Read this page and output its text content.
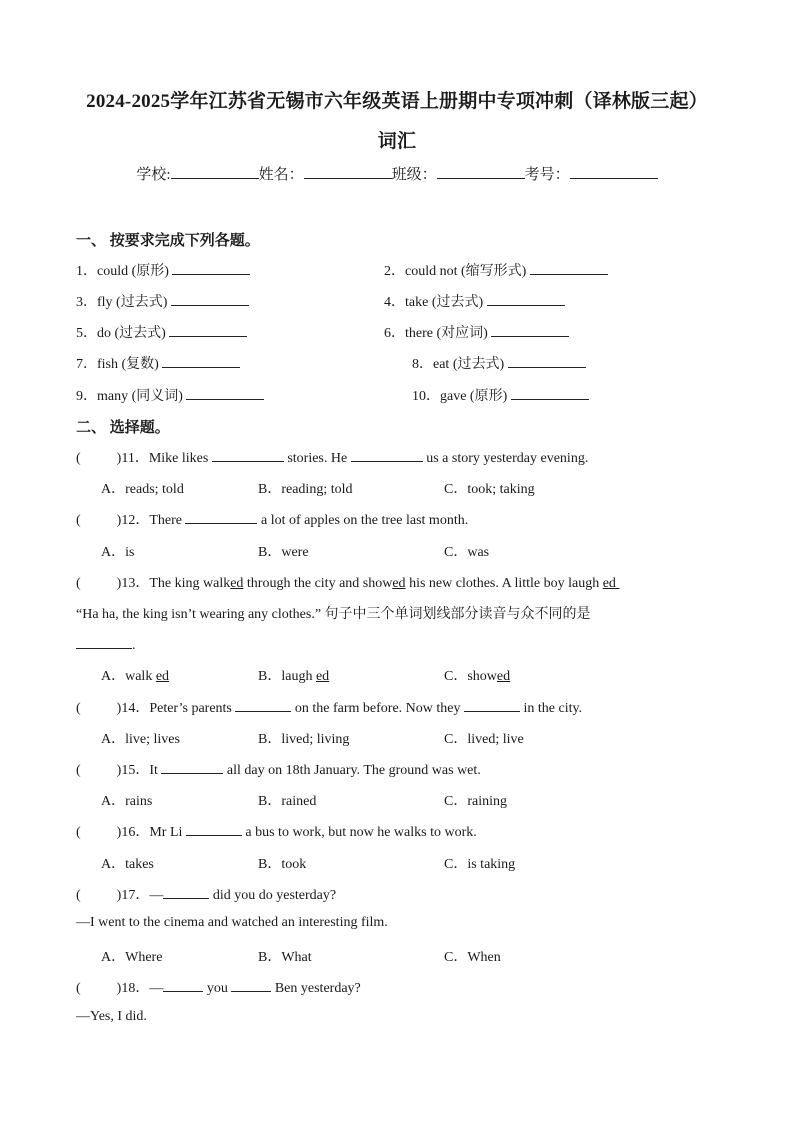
2024-2025学年江苏省无锡市六年级英语上册期中专项冲刺（译林版三起）
词汇
学校:	姓名：	班级：	考号：
一、 按要求完成下列各题。
1．could (原形)	2．could not (缩写形式)
3．fly (过去式)	4．take (过去式)
5．do (过去式)	6．there (对应词)
7．fish (复数)	8．eat (过去式)
9．many (同义词)	10．gave (原形)
二、 选择题。
(	)11．Mike likes	stories. He	us a story yesterday evening.
A．reads; told	B．reading; told	C．took; taking
(	)12．There	a lot of apples on the tree last month.
A．is	B．were	C．was
(	)13．The king walked through the city and showed his new clothes. A little boy laugh ed
“Ha ha, the king isn’t wearing any clothes.” 句子中三个单词划线部分读音与众不同的是
.
A．walk ed	B．laugh ed	C．showed
(	)14．Peter’s parents	on the farm before. Now they	in the city.
A．live; lives	B．lived; living	C．lived; live
(	)15．It	all day on 18th January. The ground was wet.
A．rains	B．rained	C．raining
(	)16．Mr Li	a bus to work, but now he walks to work.
A．takes	B．took	C．is taking
(	)17．—	did you do yesterday?
—I went to the cinema and watched an interesting film.
A．Where	B．What	C．When
(	)18．—	you	Ben yesterday?
—Yes, I did.
